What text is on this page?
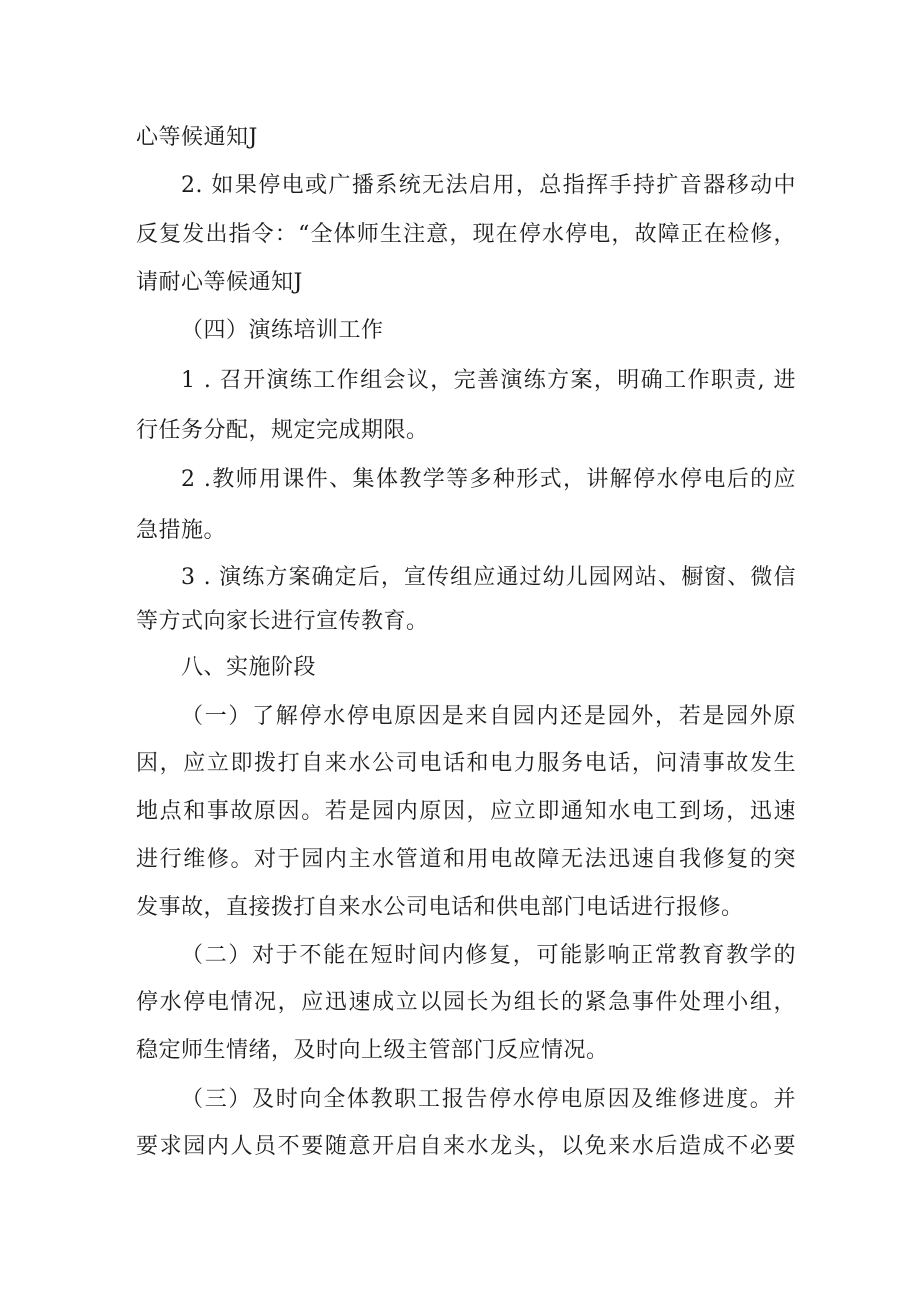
心等候通知J
2. 如果停电或广播系统无法启用，总指挥手持扩音器移动中
反复发出指令：“全体师生注意，现在停水停电，故障正在检修，
请耐心等候通知J
（四）演练培训工作
1 . 召开演练工作组会议，完善演练方案，明确工作职责, 进
行任务分配，规定完成期限。
2 .教师用课件、集体教学等多种形式，讲解停水停电后的应
急措施。
3 . 演练方案确定后，宣传组应通过幼儿园网站、橱窗、微信
等方式向家长进行宣传教育。
八、实施阶段
（一）了解停水停电原因是来自园内还是园外，若是园外原
因，应立即拨打自来水公司电话和电力服务电话，问清事故发生
地点和事故原因。若是园内原因，应立即通知水电工到场，迅速
进行维修。对于园内主水管道和用电故障无法迅速自我修复的突
发事故，直接拨打自来水公司电话和供电部门电话进行报修。
（二）对于不能在短时间内修复，可能影响正常教育教学的
停水停电情况，应迅速成立以园长为组长的紧急事件处理小组，
稳定师生情绪，及时向上级主管部门反应情况。
（三）及时向全体教职工报告停水停电原因及维修进度。并
要求园内人员不要随意开启自来水龙头，以免来水后造成不必要
